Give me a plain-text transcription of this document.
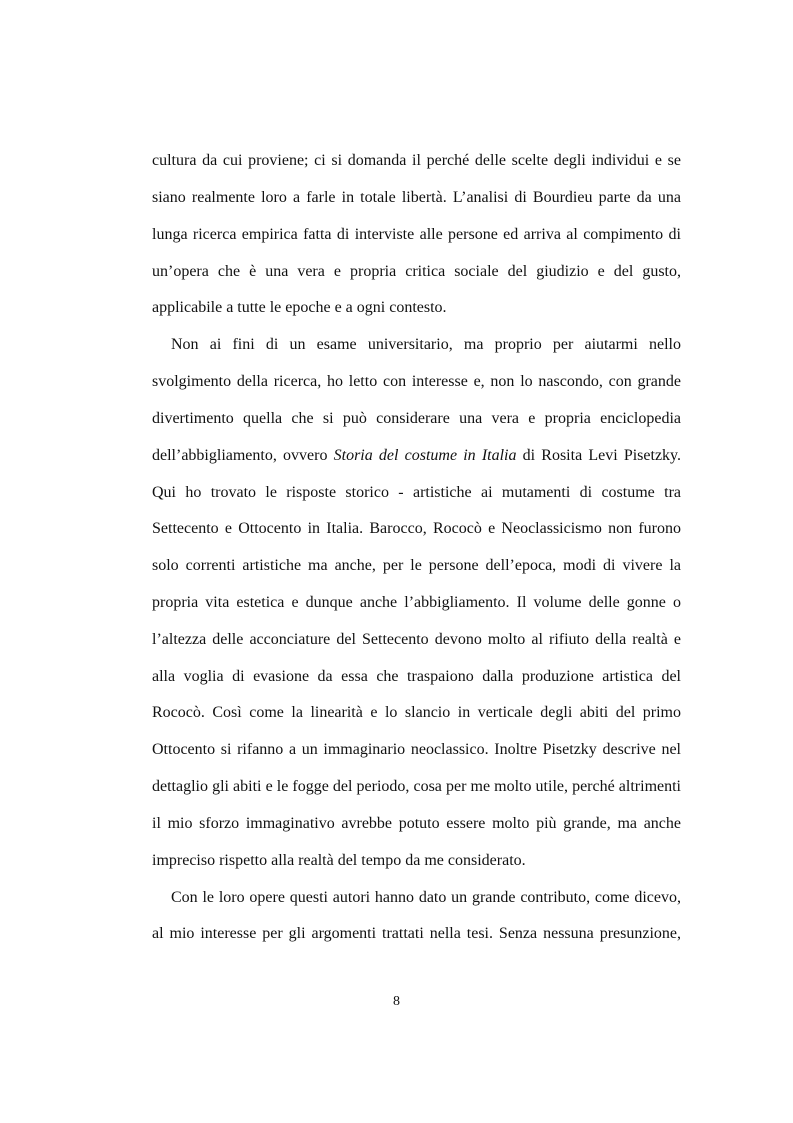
cultura da cui proviene; ci si domanda il perché delle scelte degli individui e se
siano realmente loro a farle in totale libertà. L’analisi di Bourdieu parte da una
lunga ricerca empirica fatta di interviste alle persone ed arriva al compimento di
un’opera che è una vera e propria critica sociale del giudizio e del gusto,
applicabile a tutte le epoche e a ogni contesto.
Non ai fini di un esame universitario, ma proprio per aiutarmi nello
svolgimento della ricerca, ho letto con interesse e, non lo nascondo, con grande
divertimento quella che si può considerare una vera e propria enciclopedia
dell’abbigliamento, ovvero Storia del costume in Italia di Rosita Levi Pisetzky.
Qui ho trovato le risposte storico - artistiche ai mutamenti di costume tra
Settecento e Ottocento in Italia. Barocco, Rococò e Neoclassicismo non furono
solo correnti artistiche ma anche, per le persone dell’epoca, modi di vivere la
propria vita estetica e dunque anche l’abbigliamento. Il volume delle gonne o
l’altezza delle acconciature del Settecento devono molto al rifiuto della realtà e
alla voglia di evasione da essa che traspaiono dalla produzione artistica del
Rococò. Così come la linearità e lo slancio in verticale degli abiti del primo
Ottocento si rifanno a un immaginario neoclassico. Inoltre Pisetzky descrive nel
dettaglio gli abiti e le fogge del periodo, cosa per me molto utile, perché altrimenti
il mio sforzo immaginativo avrebbe potuto essere molto più grande, ma anche
impreciso rispetto alla realtà del tempo da me considerato.
Con le loro opere questi autori hanno dato un grande contributo, come dicevo,
al mio interesse per gli argomenti trattati nella tesi. Senza nessuna presunzione,
8
